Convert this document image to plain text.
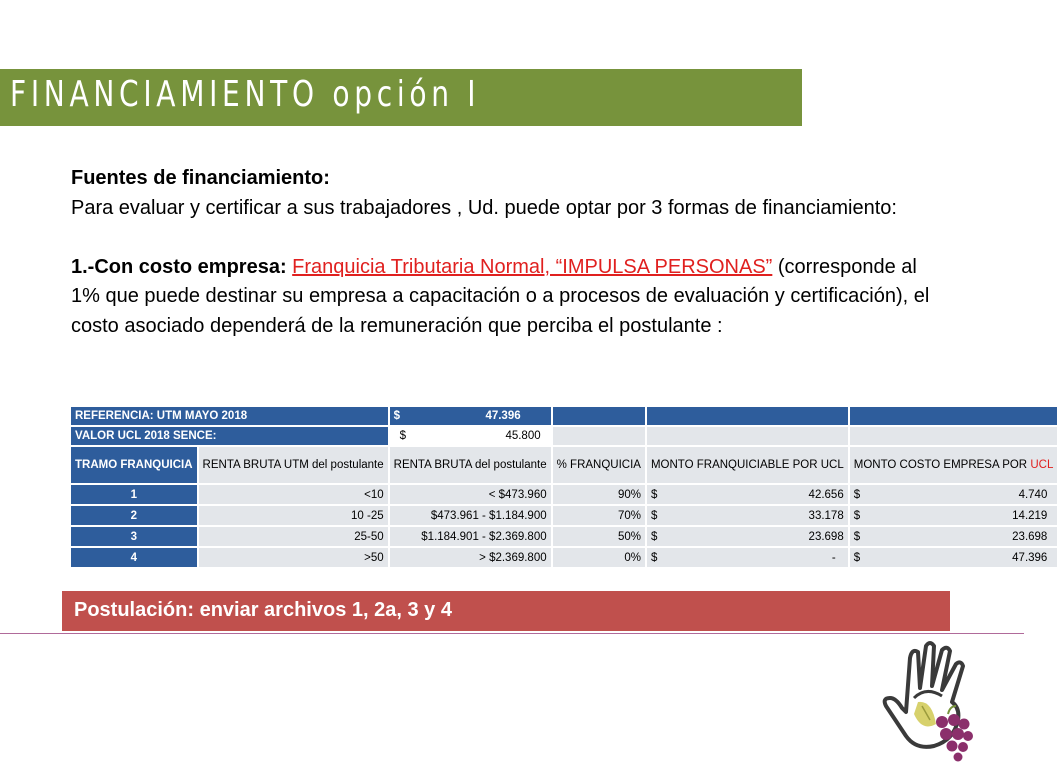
FINANCIAMIENTO opción I
Fuentes de financiamiento:
Para evaluar y certificar a sus trabajadores , Ud. puede optar por 3 formas de financiamiento:
1.-Con costo empresa: Franquicia Tributaria Normal, “IMPULSA PERSONAS” (corresponde al 1% que puede destinar su empresa a capacitación o a procesos de evaluación y certificación), el costo asociado dependerá de la remuneración que perciba el postulante :
REFERENCIA: UTM MAYO 2018		$ 47.396			

VALOR UCL 2018 SENCE:		$ 45.800			

TRAMO FRANQUICIA	RENTA BRUTA UTM del postulante	RENTA BRUTA del postulante	% FRANQUICIA	MONTO FRANQUICIABLE POR UCL	MONTO COSTO EMPRESA POR UCL
1	<10	< $473.960	90%	$ 42.656	$ 4.740

2	10 -25	$473.961 - $1.184.900	70%	$ 33.178	$ 14.219

3	25-50	$1.184.901 - $2.369.800	50%	$ 23.698	$ 23.698

4	>50	> $2.369.800	0%	$ -	$ 47.396
Postulación: enviar archivos 1, 2a, 3 y 4
